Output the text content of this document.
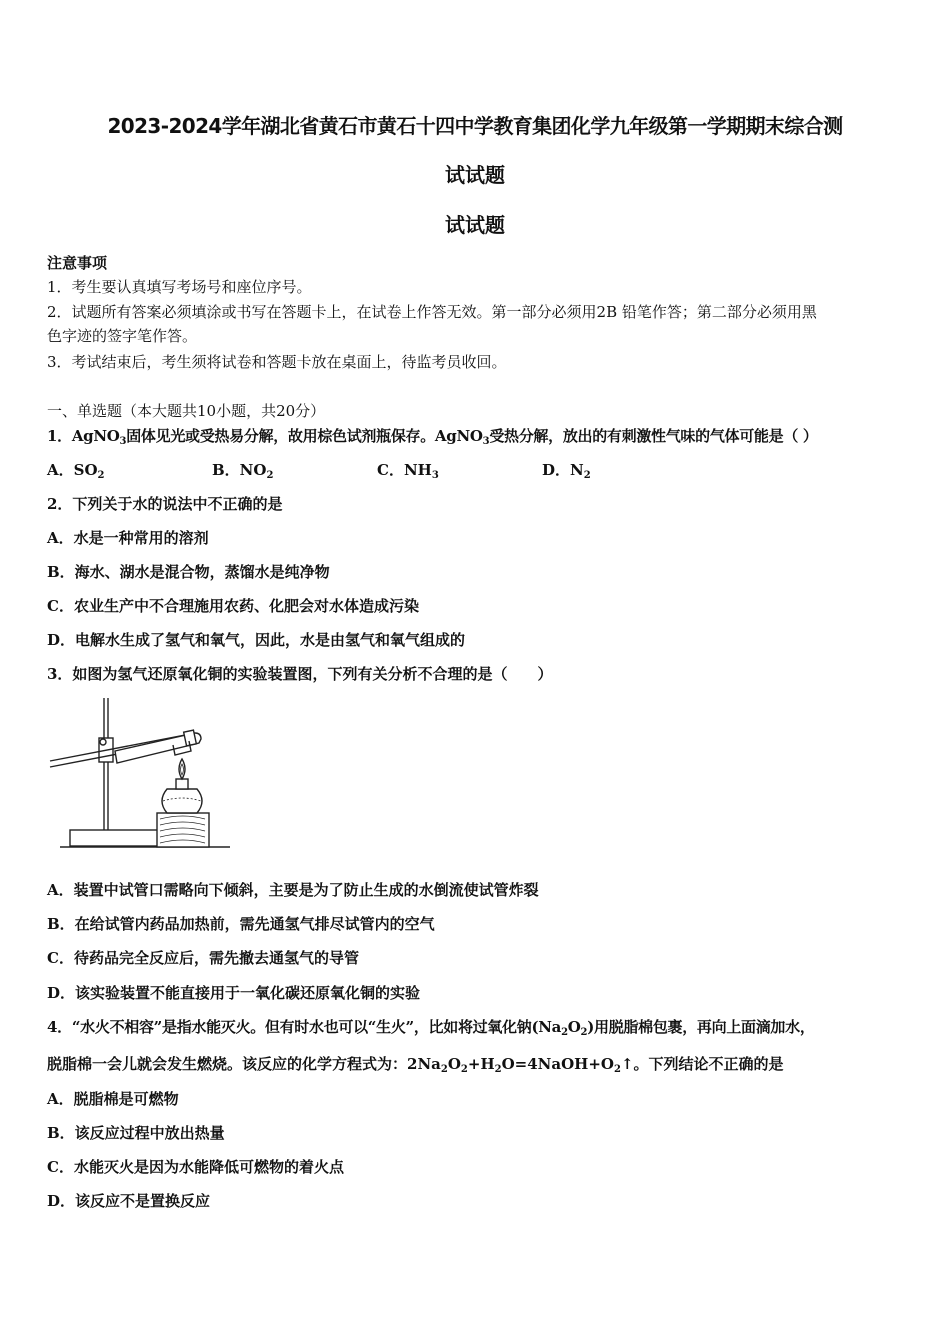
2023-2024学年湖北省黄石市黄石十四中学教育集团化学九年级第一学期期末综合测
试试题
试试题
注意事项
1．考生要认真填写考场号和座位序号。
2．试题所有答案必须填涂或书写在答题卡上，在试卷上作答无效。第一部分必须用2B 铅笔作答；第二部分必须用黑
色字迹的签字笔作答。
3．考试结束后，考生须将试卷和答题卡放在桌面上，待监考员收回。
一、单选题（本大题共10小题，共20分）
1．AgNO$_3$固体见光或受热易分解，故用棕色试剂瓶保存。AgNO$_3$受热分解，放出的有刺激性气味的气体可能是（ ）
A．$SO_2$	B．$NO_2$	C．$NH_3$	D．$N_2$
2．下列关于水的说法中不正确的是
A．水是一种常用的溶剂
B．海水、湖水是混合物，蒸馏水是纯净物
C．农业生产中不合理施用农药、化肥会对水体造成污染
D．电解水生成了氢气和氧气，因此，水是由氢气和氧气组成的
3．如图为氢气还原氧化铜的实验装置图，下列有关分析不合理的是（　　）
A．装置中试管口需略向下倾斜，主要是为了防止生成的水倒流使试管炸裂
B．在给试管内药品加热前，需先通氢气排尽试管内的空气
C．待药品完全反应后，需先撤去通氢气的导管
D．该实验装置不能直接用于一氧化碳还原氧化铜的实验
4．“水火不相容”是指水能灭火。但有时水也可以“生火”，比如将过氧化钠$(Na_2O_2)$用脱脂棉包裹，再向上面滴加水，
脱脂棉一会儿就会发生燃烧。该反应的化学方程式为：$2Na_2O_2+H_2O=4NaOH+O_2↑$。下列结论不正确的是
A．脱脂棉是可燃物
B．该反应过程中放出热量
C．水能灭火是因为水能降低可燃物的着火点
D．该反应不是置换反应
